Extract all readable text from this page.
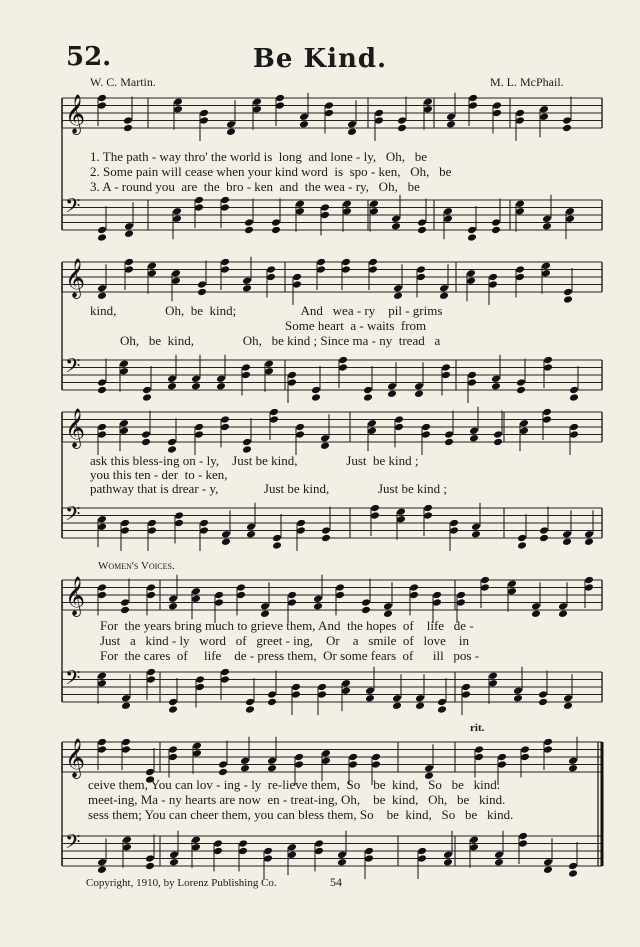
52.	Be Kind.
W. C. Martin.	M. L. McPhail.
𝄞
𝄢
𝄞
𝄢
𝄞
𝄢
𝄞
𝄢
𝄞
𝄢
1. The path - way thro' the world is  long  and lone - ly,   Oh,   be
2. Some pain will cease when your kind word  is  spo - ken,   Oh,   be
3. A - round you  are  the  bro - ken  and  the wea - ry,   Oh,   be
kind,               Oh,  be  kind;                    And   wea - ry    pil - grims
Some heart  a - waits  from
Oh,   be  kind,               Oh,   be kind ; Since ma - ny  tread   a
ask this bless-ing on - ly,    Just be kind,               Just  be kind ;
you this ten - der  to - ken,
pathway that is drear - y,              Just be kind,               Just be kind ;
Women's Voices.
For  the years bring much to grieve them, And  the hopes  of    life   de -
Just   a   kind - ly   word   of   greet - ing,    Or    a   smile  of   love    in
For  the cares  of     life    de - press them,  Or some fears  of      ill   pos -
rit.
ceive them, You can lov - ing - ly  re-lieve them,  So    be  kind,   So   be   kind.
meet-ing, Ma - ny hearts are now  en - treat-ing, Oh,    be  kind,   Oh,   be   kind.
sess them; You can cheer them, you can bless them, So    be  kind,   So   be   kind.
Copyright, 1910, by Lorenz Publishing Co.	54
